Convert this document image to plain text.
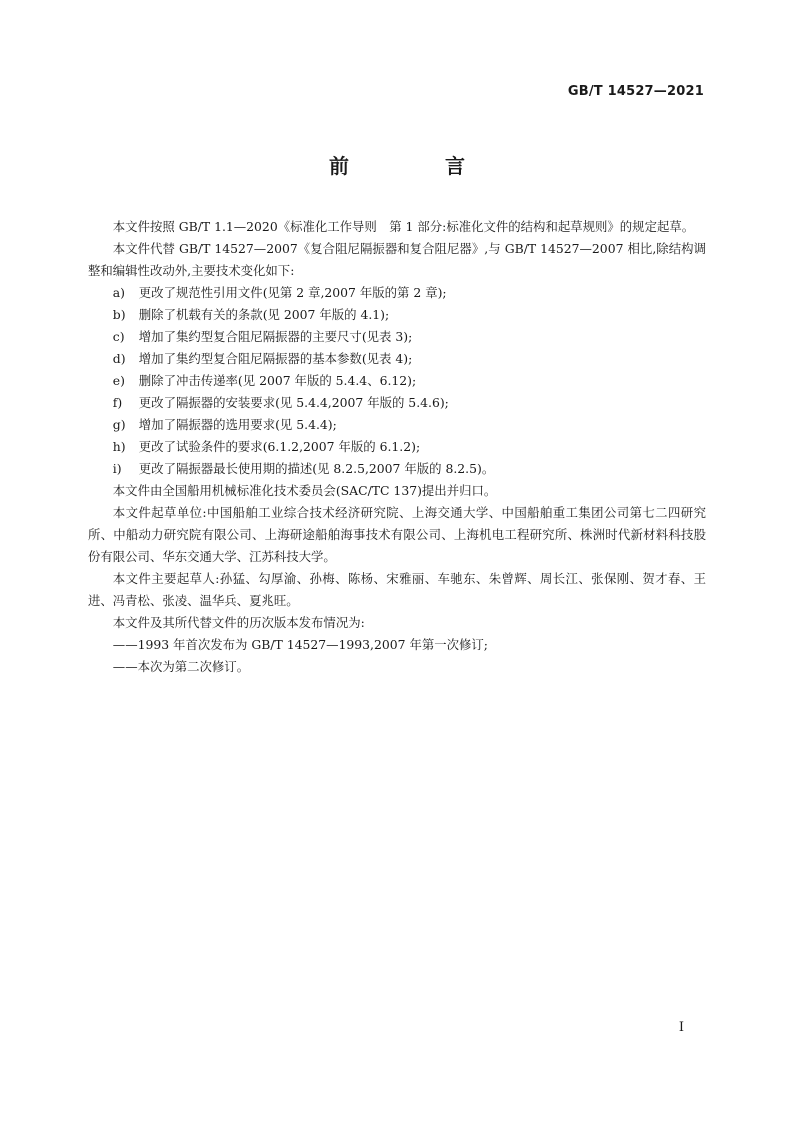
GB/T 14527—2021
前　言

本文件按照 GB/T 1.1—2020《标准化工作导则　第 1 部分:标准化文件的结构和起草规则》的规定起草。

本文件代替 GB/T 14527—2007《复合阻尼隔振器和复合阻尼器》,与 GB/T 14527—2007 相比,除结构调整和编辑性改动外,主要技术变化如下:

a)	更改了规范性引用文件(见第 2 章,2007 年版的第 2 章);
b)	删除了机载有关的条款(见 2007 年版的 4.1);
c)	增加了集约型复合阻尼隔振器的主要尺寸(见表 3);
d)	增加了集约型复合阻尼隔振器的基本参数(见表 4);
e)	删除了冲击传递率(见 2007 年版的 5.4.4、6.12);
f)	更改了隔振器的安装要求(见 5.4.4,2007 年版的 5.4.6);
g)	增加了隔振器的选用要求(见 5.4.4);
h)	更改了试验条件的要求(6.1.2,2007 年版的 6.1.2);
i)	更改了隔振器最长使用期的描述(见 8.2.5,2007 年版的 8.2.5)。

本文件由全国船用机械标准化技术委员会(SAC/TC 137)提出并归口。

本文件起草单位:中国船舶工业综合技术经济研究院、上海交通大学、中国船舶重工集团公司第七二四研究所、中船动力研究院有限公司、上海研途船舶海事技术有限公司、上海机电工程研究所、株洲时代新材料科技股份有限公司、华东交通大学、江苏科技大学。

本文件主要起草人:孙猛、勾厚渝、孙梅、陈杨、宋雅丽、车驰东、朱曾辉、周长江、张保刚、贺才春、王进、冯青松、张凌、温华兵、夏兆旺。

本文件及其所代替文件的历次版本发布情况为:

——1993 年首次发布为 GB/T 14527—1993,2007 年第一次修订;
——本次为第二次修订。
I
